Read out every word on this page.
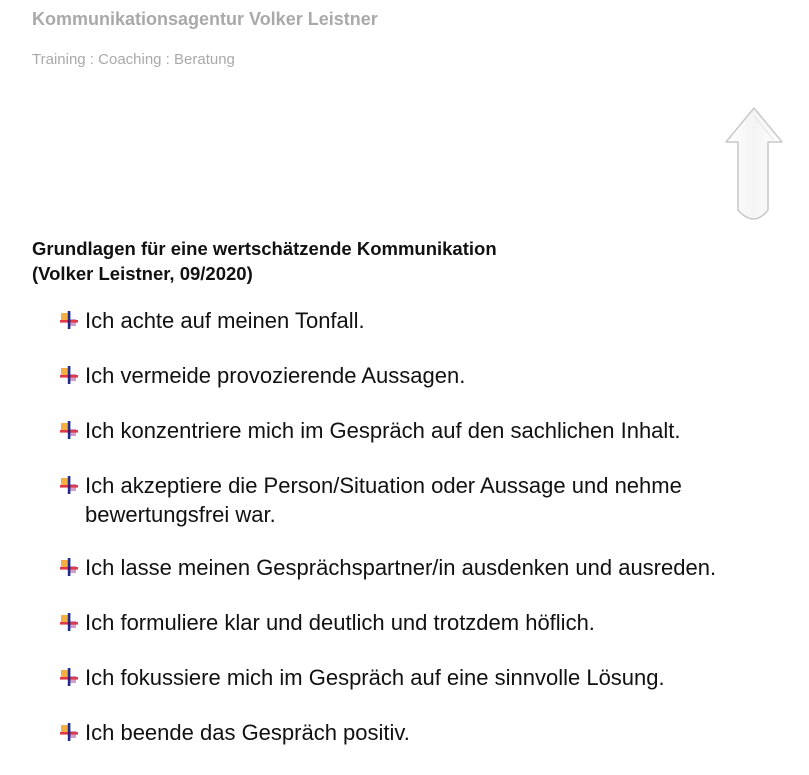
Kommunikationsagentur Volker Leistner
Training : Coaching : Beratung
Grundlagen für eine wertschätzende Kommunikation
(Volker Leistner, 09/2020)
Ich achte auf meinen Tonfall.
Ich vermeide provozierende Aussagen.
Ich konzentriere mich im Gespräch auf den sachlichen Inhalt.
Ich akzeptiere die Person/Situation oder Aussage und nehme bewertungsfrei war.
Ich lasse meinen Gesprächspartner/in ausdenken und ausreden.
Ich formuliere klar und deutlich und trotzdem höflich.
Ich fokussiere mich im Gespräch auf eine sinnvolle Lösung.
Ich beende das Gespräch positiv.
